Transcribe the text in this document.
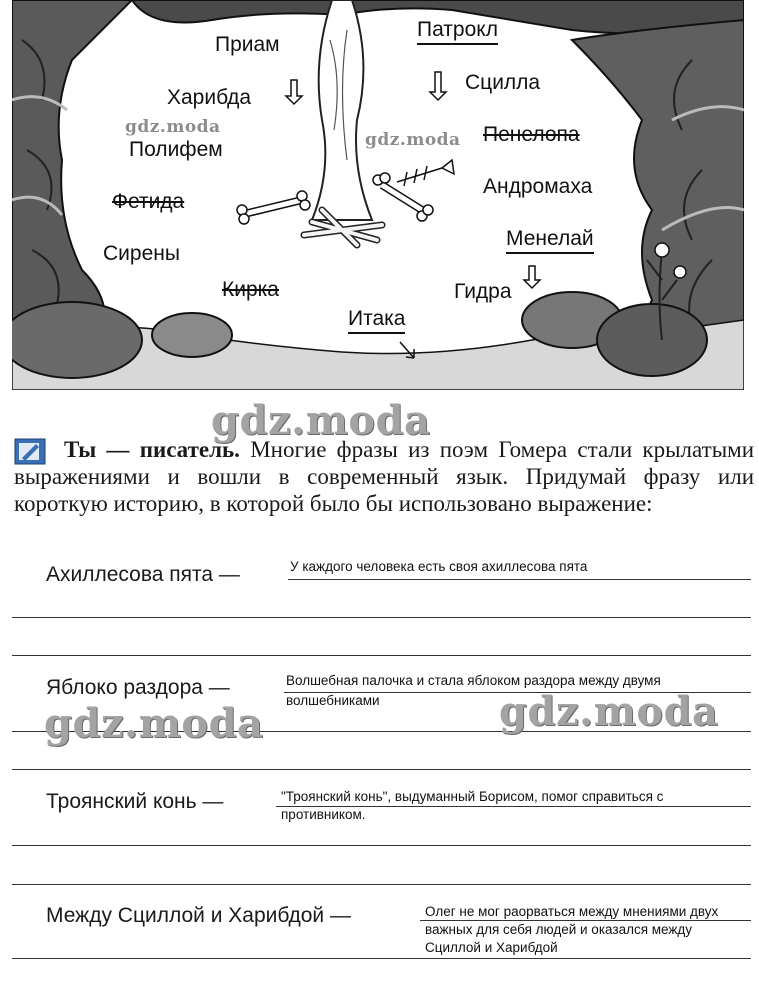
Приам
Патрокл
Харибда
Сцилла
Полифем
Пенелопа
Андромаха
Фетида
Менелай
Сирены
Гидра
Кирка
Итака
gdz.moda
gdz.moda
gdz.moda
Ты — писатель. Многие фразы из поэм Гомера стали крылатыми выражениями и вошли в современный язык. Придумай фразу или короткую историю, в которой было бы использовано выражение:
Ахиллесова пята —	У каждого человека есть своя ахиллесова пята
Яблоко раздора —	Волшебная палочка и стала яблоком раздора между двумя
волшебниками
gdz.moda	gdz.moda
Троянский конь —	"Троянский конь", выдуманный Борисом, помог справиться с
противником.
Между Сциллой и Харибдой —	Олег не мог раорваться между мнениями двух
важных для себя людей и оказался между
Сциллой и Харибдой
